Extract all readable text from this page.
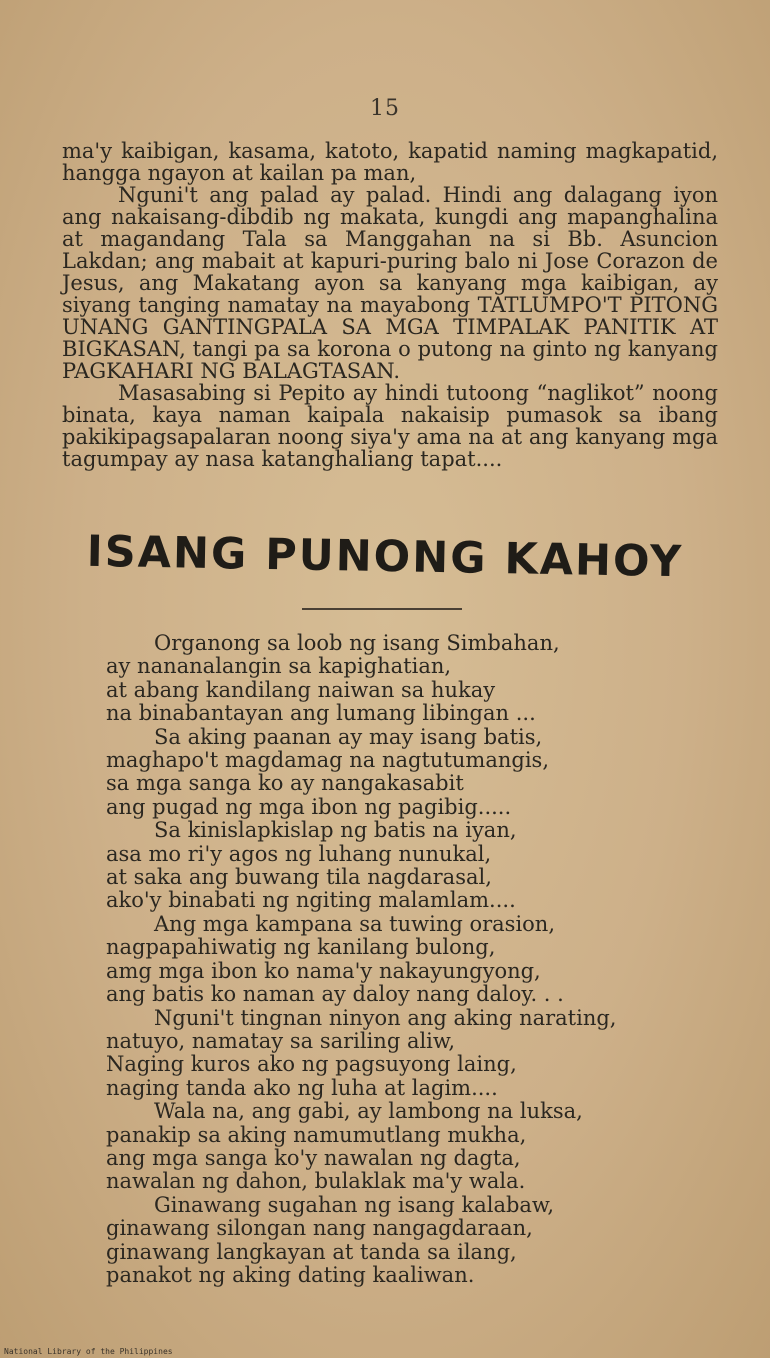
15

ma'y kaibigan, kasama, katoto, kapatid naming magkapatid, hangga ngayon at kailan pa man,

Nguni't ang palad ay palad. Hindi ang dalagang iyon ang nakaisang-dibdib ng makata, kungdi ang mapanghalina at magandang Tala sa Manggahan na si Bb. Asuncion Lakdan; ang mabait at kapuri-puring balo ni Jose Corazon de Jesus, ang Makatang ayon sa kanyang mga kaibigan, ay siyang tanging namatay na mayabong TATLUMPO'T PITONG UNANG GANTINGPALA SA MGA TIMPALAK PANITIK AT BIGKASAN, tangi pa sa korona o putong na ginto ng kanyang PAGKAHARI NG BALAGTASAN.

Masasabing si Pepito ay hindi tutoong “naglikot” noong binata, kaya naman kaipala nakaisip pumasok sa ibang pakikipagsapalaran noong siya'y ama na at ang kanyang mga tagumpay ay nasa katanghaliang tapat....

ISANG PUNONG KAHOY
Organong sa loob ng isang Simbahan,
ay nananalangin sa kapighatian,
at abang kandilang naiwan sa hukay
na binabantayan ang lumang libingan ...
Sa aking paanan ay may isang batis,
maghapo't magdamag na nagtutumangis,
sa mga sanga ko ay nangakasabit
ang pugad ng mga ibon ng pagibig.....
Sa kinislapkislap ng batis na iyan,
asa mo ri'y agos ng luhang nunukal,
at saka ang buwang tila nagdarasal,
ako'y binabati ng ngiting malamlam....
Ang mga kampana sa tuwing orasion,
nagpapahiwatig ng kanilang bulong,
amg mga ibon ko nama'y nakayungyong,
ang batis ko naman ay daloy nang daloy. . .
Nguni't tingnan ninyon ang aking narating,
natuyo, namatay sa sariling aliw,
Naging kuros ako ng pagsuyong laing,
naging tanda ako ng luha at lagim....
Wala na, ang gabi, ay lambong na luksa,
panakip sa aking namumutlang mukha,
ang mga sanga ko'y nawalan ng dagta,
nawalan ng dahon, bulaklak ma'y wala.
Ginawang sugahan ng isang kalabaw,
ginawang silongan nang nangagdaraan,
ginawang langkayan at tanda sa ilang,
panakot ng aking dating kaaliwan.
National Library of the Philippines
